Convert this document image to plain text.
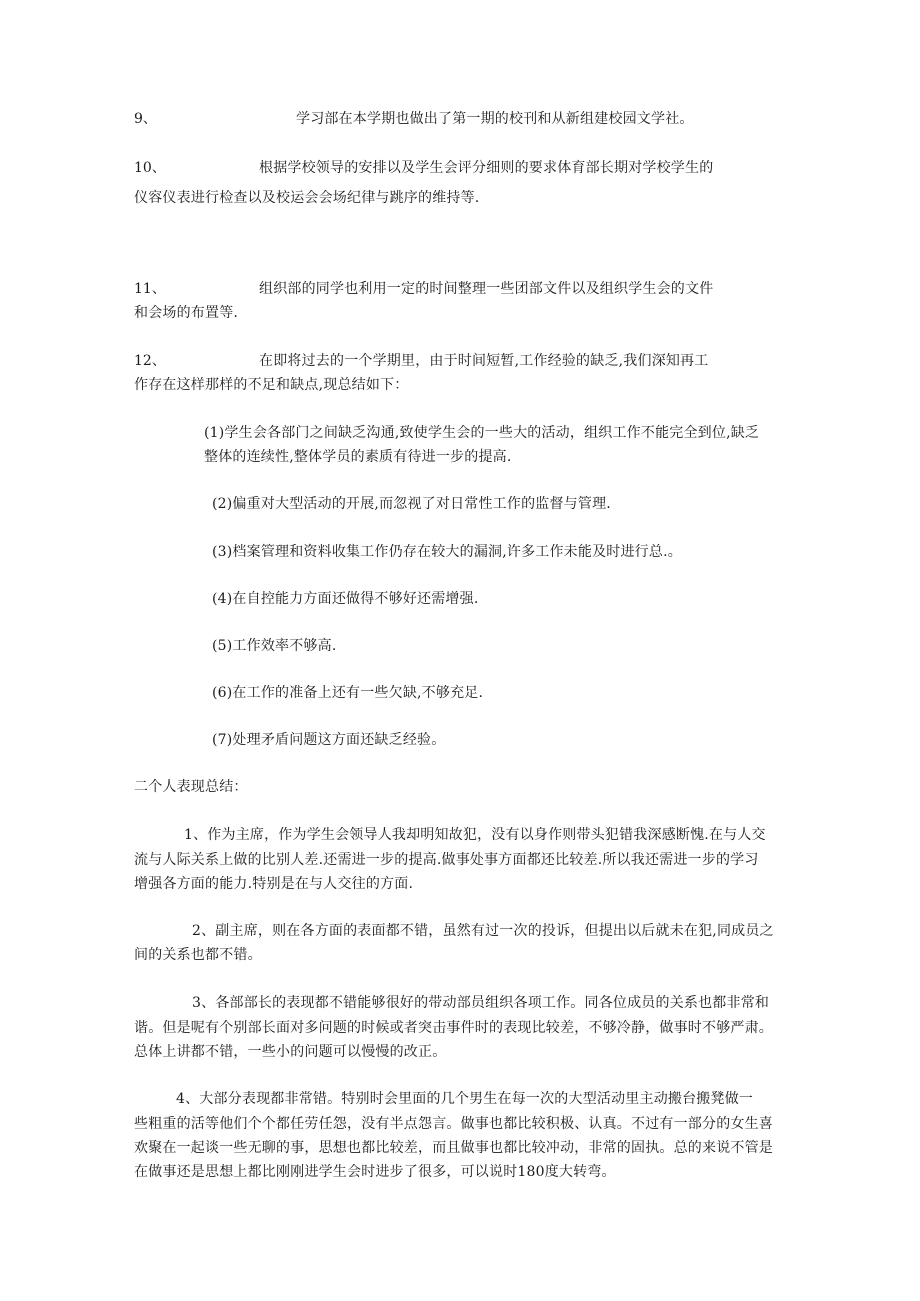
9、	学习部在本学期也做出了第一期的校刊和从新组建校园文学社。
10、	根据学校领导的安排以及学生会评分细则的要求体育部长期对学校学生的
仪容仪表进行检查以及校运会会场纪律与跳序的维持等.
11、	组织部的同学也利用一定的时间整理一些团部文件以及组织学生会的文件
和会场的布置等.
12、	在即将过去的一个学期里，由于时间短暂,工作经验的缺乏,我们深知再工
作存在这样那样的不足和缺点,现总结如下：
(1)学生会各部门之间缺乏沟通,致使学生会的一些大的活动，组织工作不能完全到位,缺乏
整体的连续性,整体学员的素质有待进一步的提高.
(2)偏重对大型活动的开展,而忽视了对日常性工作的监督与管理.
(3)档案管理和资料收集工作仍存在较大的漏洞,许多工作未能及时进行总.。
(4)在自控能力方面还做得不够好还需增强.
(5)工作效率不够高.
(6)在工作的准备上还有一些欠缺,不够充足.
(7)处理矛盾问题这方面还缺乏经验。
二个人表现总结：
1、作为主席，作为学生会领导人我却明知故犯，没有以身作则带头犯错我深感断愧.在与人交
流与人际关系上做的比别人差.还需进一步的提高.做事处事方面都还比较差.所以我还需进一步的学习
增强各方面的能力.特别是在与人交往的方面.
2、副主席，则在各方面的表面都不错，虽然有过一次的投诉，但提出以后就未在犯,同成员之
间的关系也都不错。
3、各部部长的表现都不错能够很好的带动部员组织各项工作。同各位成员的关系也都非常和
谐。但是呢有个别部长面对多问题的时候或者突击事件时的表现比较差，不够冷静，做事时不够严肃。
总体上讲都不错，一些小的问题可以慢慢的改正。
4、大部分表现都非常错。特别时会里面的几个男生在每一次的大型活动里主动搬台搬凳做一
些粗重的活等他们个个都任劳任怨，没有半点怨言。做事也都比较积极、认真。不过有一部分的女生喜
欢聚在一起谈一些无聊的事，思想也都比较差，而且做事也都比较冲动，非常的固执。总的来说不管是
在做事还是思想上都比刚刚进学生会时进步了很多，可以说时180度大转弯。
